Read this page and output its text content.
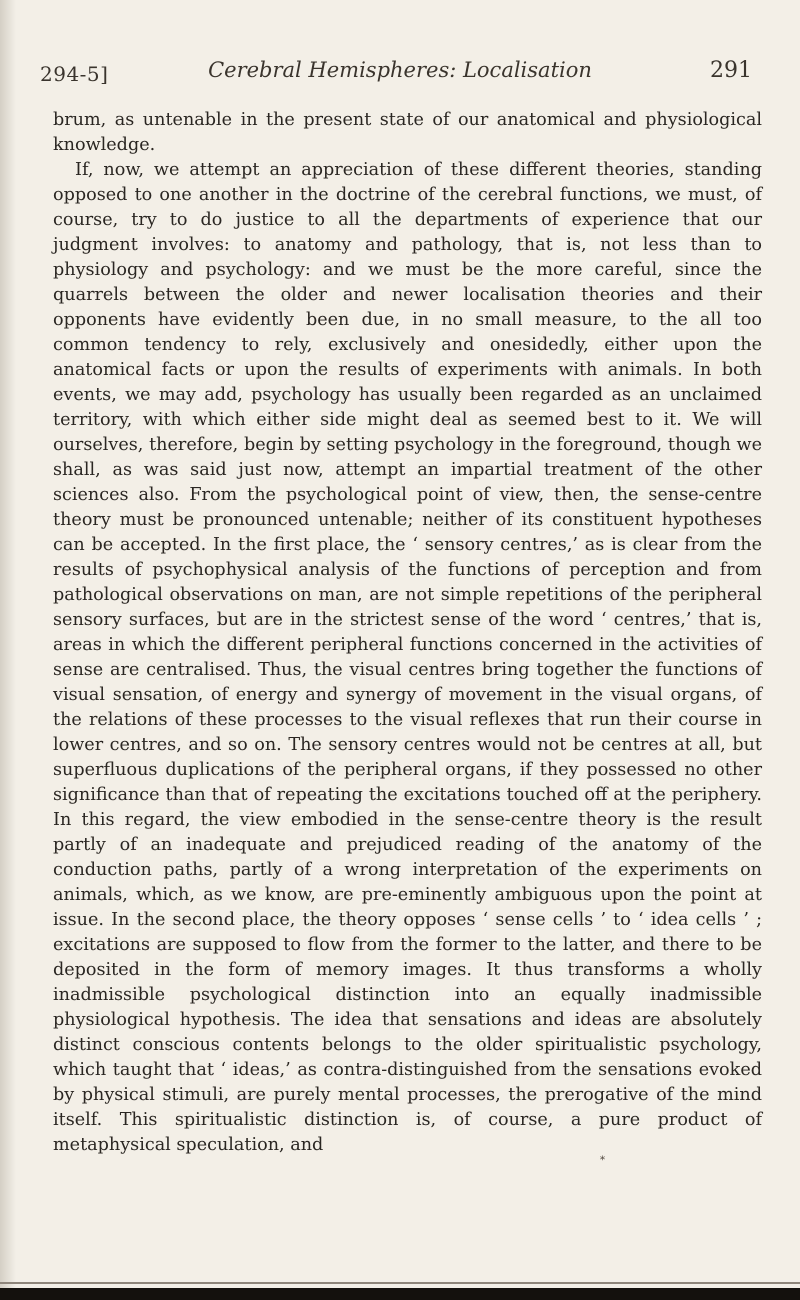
294-5]	Cerebral Hemispheres: Localisation	291

brum, as untenable in the present state of our anatomical and physiological knowledge.

If, now, we attempt an appreciation of these different theories, standing opposed to one another in the doctrine of the cerebral functions, we must, of course, try to do justice to all the departments of experience that our judgment involves: to anatomy and pathology, that is, not less than to physiology and psychology: and we must be the more careful, since the quarrels between the older and newer localisation theories and their opponents have evidently been due, in no small measure, to the all too common tendency to rely, exclusively and onesidedly, either upon the anatomical facts or upon the results of experiments with animals. In both events, we may add, psychology has usually been regarded as an unclaimed territory, with which either side might deal as seemed best to it. We will ourselves, therefore, begin by setting psychology in the foreground, though we shall, as was said just now, attempt an impartial treatment of the other sciences also. From the psychological point of view, then, the sense-centre theory must be pronounced untenable; neither of its constituent hypotheses can be accepted. In the first place, the ‘ sensory centres,’ as is clear from the results of psychophysical analysis of the functions of perception and from pathological observations on man, are not simple repetitions of the peripheral sensory surfaces, but are in the strictest sense of the word ‘ centres,’ that is, areas in which the different peripheral functions concerned in the activities of sense are centralised. Thus, the visual centres bring together the functions of visual sensation, of energy and synergy of movement in the visual organs, of the relations of these processes to the visual reflexes that run their course in lower centres, and so on. The sensory centres would not be centres at all, but superfluous duplications of the peripheral organs, if they possessed no other significance than that of repeating the excitations touched off at the periphery. In this regard, the view embodied in the sense-centre theory is the result partly of an inadequate and prejudiced reading of the anatomy of the conduction paths, partly of a wrong interpretation of the experiments on animals, which, as we know, are pre-eminently ambiguous upon the point at issue. In the second place, the theory opposes ‘ sense cells ’ to ‘ idea cells ’ ; excitations are supposed to flow from the former to the latter, and there to be deposited in the form of memory images. It thus transforms a wholly inadmissible psychological distinction into an equally inadmissible physiological hypothesis. The idea that sensations and ideas are absolutely distinct conscious contents belongs to the older spiritualistic psychology, which taught that ‘ ideas,’ as contra-distinguished from the sensations evoked by physical stimuli, are purely mental processes, the prerogative of the mind itself. This spiritualistic distinction is, of course, a pure product of metaphysical speculation, and

*
